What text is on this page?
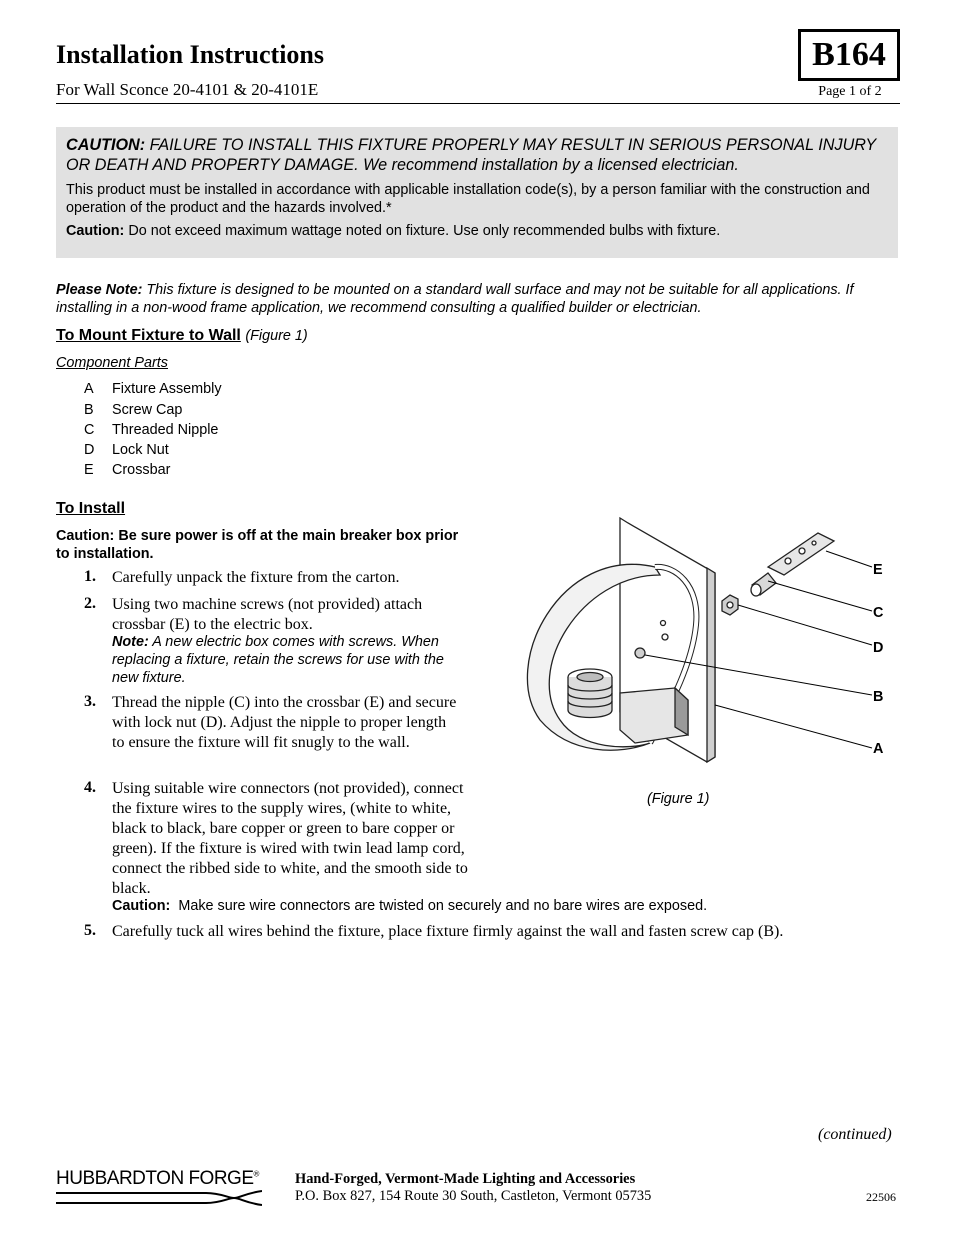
Installation Instructions
For Wall Sconce 20-4101 & 20-4101E
B164
Page 1 of 2
CAUTION: FAILURE TO INSTALL THIS FIXTURE PROPERLY MAY RESULT IN SERIOUS PERSONAL INJURY OR DEATH AND PROPERTY DAMAGE. We recommend installation by a licensed electrician.
This product must be installed in accordance with applicable installation code(s), by a person familiar with the construction and operation of the product and the hazards involved.*
Caution: Do not exceed maximum wattage noted on fixture. Use only recommended bulbs with fixture.
Please Note: This fixture is designed to be mounted on a standard wall surface and may not be suitable for all applications. If installing in a non-wood frame application, we recommend consulting a qualified builder or electrician.
To Mount Fixture to Wall (Figure 1)
Component Parts
A Fixture Assembly
B Screw Cap
C Threaded Nipple
D Lock Nut
E Crossbar
To Install
Caution: Be sure power is off at the main breaker box prior to installation.
1. Carefully unpack the fixture from the carton.
2. Using two machine screws (not provided) attach crossbar (E) to the electric box.
Note: A new electric box comes with screws. When replacing a fixture, retain the screws for use with the new fixture.
3. Thread the nipple (C) into the crossbar (E) and secure with lock nut (D). Adjust the nipple to proper length to ensure the fixture will fit snugly to the wall.
4. Using suitable wire connectors (not provided), connect the fixture wires to the supply wires, (white to white, black to black, bare copper or green to bare copper or green). If the fixture is wired with twin lead lamp cord, connect the ribbed side to white, and the smooth side to black.
Caution: Make sure wire connectors are twisted on securely and no bare wires are exposed.
5. Carefully tuck all wires behind the fixture, place fixture firmly against the wall and fasten screw cap (B).
E
C
D
B
A
(Figure 1)
(continued)
HUBBARDTON FORGE®	Hand-Forged, Vermont-Made Lighting and Accessories
P.O. Box 827, 154 Route 30 South, Castleton, Vermont 05735	22506
